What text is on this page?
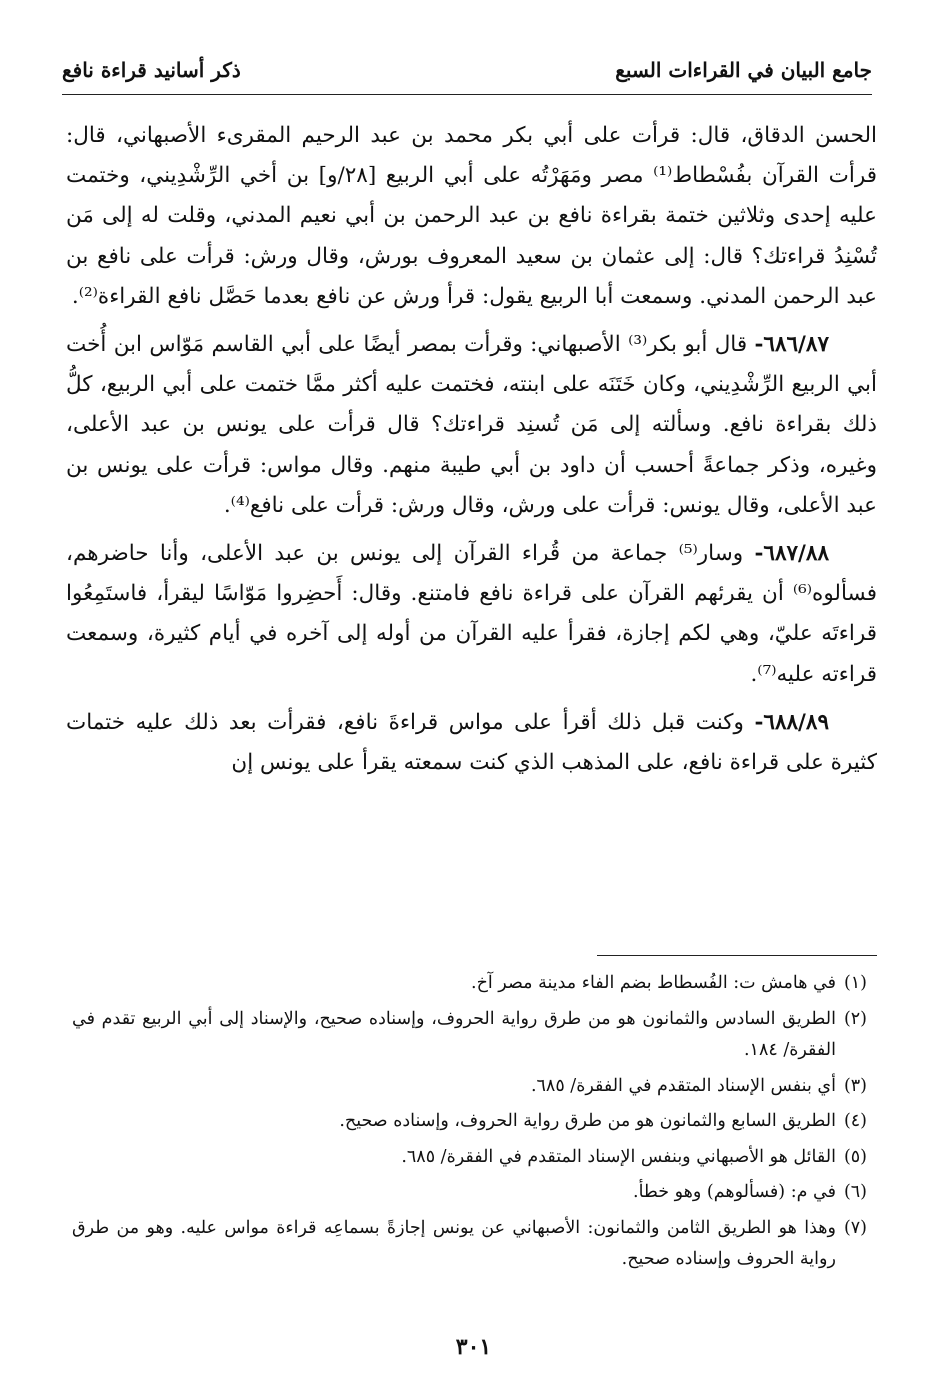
جامع البيان في القراءات السبع
ذكر أسانيد قراءة نافع

الحسن الدقاق، قال: قرأت على أبي بكر محمد بن عبد الرحيم المقرىء الأصبهاني، قال: قرأت القرآن بفُسْطاط⁽¹⁾ مصر ومَهَرْتُه على أبي الربيع [٢٨/و] بن أخي الرِّشْدِيني، وختمت عليه إحدى وثلاثين ختمة بقراءة نافع بن عبد الرحمن بن أبي نعيم المدني، وقلت له إلى مَن تُسْنِدُ قراءتك؟ قال: إلى عثمان بن سعيد المعروف بورش، وقال ورش: قرأت على نافع بن عبد الرحمن المدني. وسمعت أبا الربيع يقول: قرأ ورش عن نافع بعدما حَصَّل نافع القراءة⁽²⁾.

٦٨٦/٨٧- قال أبو بكر⁽³⁾ الأصبهاني: وقرأت بمصر أيضًا على أبي القاسم مَوّاس ابن أُخت أبي الربيع الرِّشْدِيني، وكان خَتَنَه على ابنته، فختمت عليه أكثر ممَّا ختمت على أبي الربيع، كلُّ ذلك بقراءة نافع. وسألته إلى مَن تُسنِد قراءتك؟ قال قرأت على يونس بن عبد الأعلى، وغيره، وذكر جماعةً أحسب أن داود بن أبي طيبة منهم. وقال مواس: قرأت على يونس بن عبد الأعلى، وقال يونس: قرأت على ورش، وقال ورش: قرأت على نافع⁽⁴⁾.

٦٨٧/٨٨- وسار⁽⁵⁾ جماعة من قُراء القرآن إلى يونس بن عبد الأعلى، وأنا حاضرهم، فسألوه⁽⁶⁾ أن يقرئهم القرآن على قراءة نافع فامتنع. وقال: أَحضِروا مَوّاسًا ليقرأ، فاستَمِعُوا قراءتَه عليّ، وهي لكم إجازة، فقرأ عليه القرآن من أوله إلى آخره في أيام كثيرة، وسمعت قراءته عليه⁽⁷⁾.

٦٨٨/٨٩- وكنت قبل ذلك أقرأ على مواس قراءةَ نافع، فقرأت بعد ذلك عليه ختمات كثيرة على قراءة نافع، على المذهب الذي كنت سمعته يقرأ على يونس إن

(١)
في هامش ت: الفُسطاط بضم الفاء مدينة مصر آخ.
(٢)
الطريق السادس والثمانون هو من طرق رواية الحروف، وإسناده صحيح، والإسناد إلى أبي الربيع تقدم في الفقرة/ ١٨٤.
(٣)
أي بنفس الإسناد المتقدم في الفقرة/ ٦٨٥.
(٤)
الطريق السابع والثمانون هو من طرق رواية الحروف، وإسناده صحيح.
(٥)
القائل هو الأصبهاني وبنفس الإسناد المتقدم في الفقرة/ ٦٨٥.
(٦)
في م: (فسألوهم) وهو خطأ.
(٧)
وهذا هو الطريق الثامن والثمانون: الأصبهاني عن يونس إجازةً بسماعِه قراءة مواس عليه. وهو من طرق رواية الحروف وإسناده صحيح.
٣٠١
